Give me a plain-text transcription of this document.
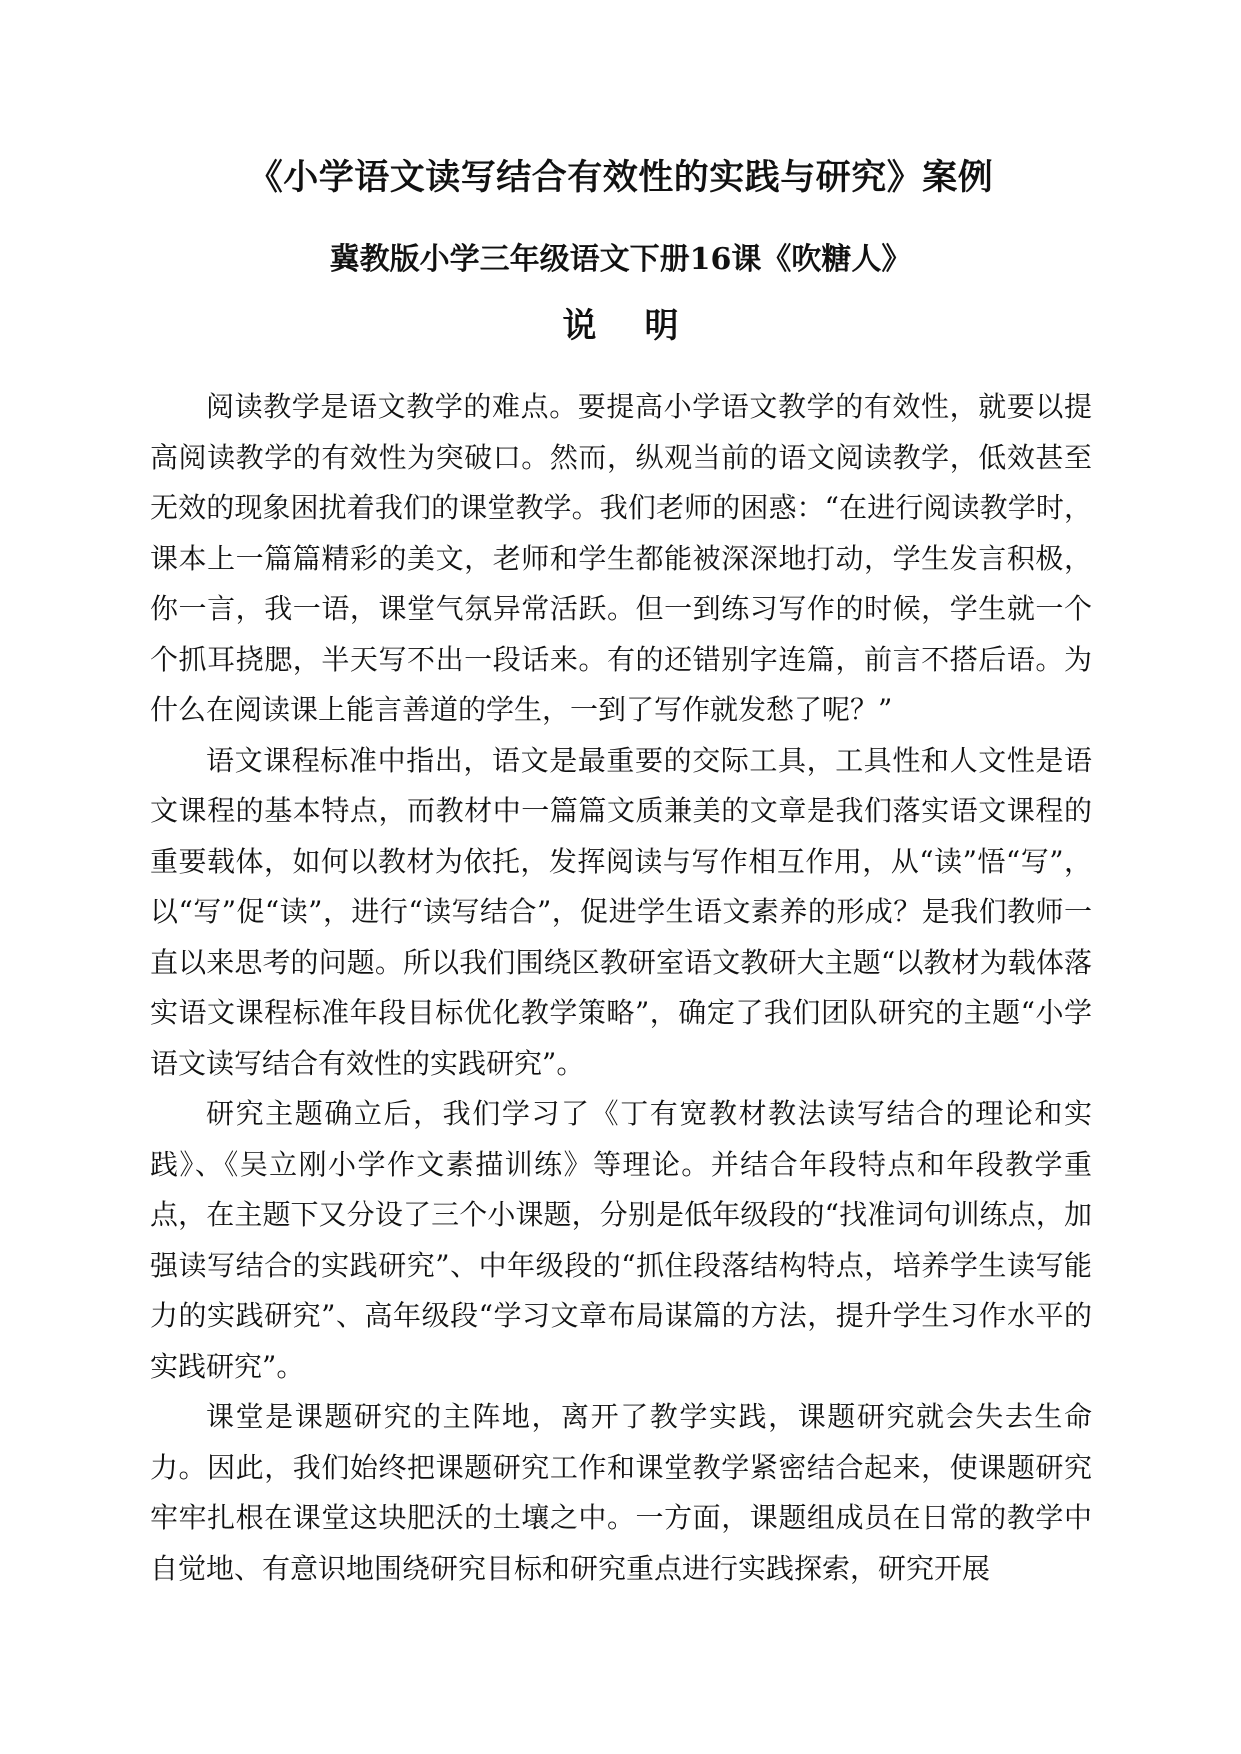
《小学语文读写结合有效性的实践与研究》案例
冀教版小学三年级语文下册16课《吹糖人》
说明

阅读教学是语文教学的难点。要提高小学语文教学的有效性，就要以提高阅读教学的有效性为突破口。然而，纵观当前的语文阅读教学，低效甚至无效的现象困扰着我们的课堂教学。我们老师的困惑：“在进行阅读教学时，课本上一篇篇精彩的美文，老师和学生都能被深深地打动，学生发言积极，你一言，我一语，课堂气氛异常活跃。但一到练习写作的时候，学生就一个个抓耳挠腮，半天写不出一段话来。有的还错别字连篇，前言不搭后语。为什么在阅读课上能言善道的学生，一到了写作就发愁了呢？”

语文课程标准中指出，语文是最重要的交际工具，工具性和人文性是语文课程的基本特点，而教材中一篇篇文质兼美的文章是我们落实语文课程的重要载体，如何以教材为依托，发挥阅读与写作相互作用，从“读”悟“写”，以“写”促“读”，进行“读写结合”，促进学生语文素养的形成？是我们教师一直以来思考的问题。所以我们围绕区教研室语文教研大主题“以教材为载体落实语文课程标准年段目标优化教学策略”，确定了我们团队研究的主题“小学语文读写结合有效性的实践研究”。

研究主题确立后，我们学习了《丁有宽教材教法读写结合的理论和实践》、《吴立刚小学作文素描训练》等理论。并结合年段特点和年段教学重点，在主题下又分设了三个小课题，分别是低年级段的“找准词句训练点，加强读写结合的实践研究”、中年级段的“抓住段落结构特点，培养学生读写能力的实践研究”、高年级段“学习文章布局谋篇的方法，提升学生习作水平的实践研究”。

课堂是课题研究的主阵地，离开了教学实践，课题研究就会失去生命力。因此，我们始终把课题研究工作和课堂教学紧密结合起来，使课题研究牢牢扎根在课堂这块肥沃的土壤之中。一方面，课题组成员在日常的教学中自觉地、有意识地围绕研究目标和研究重点进行实践探索，研究开展
